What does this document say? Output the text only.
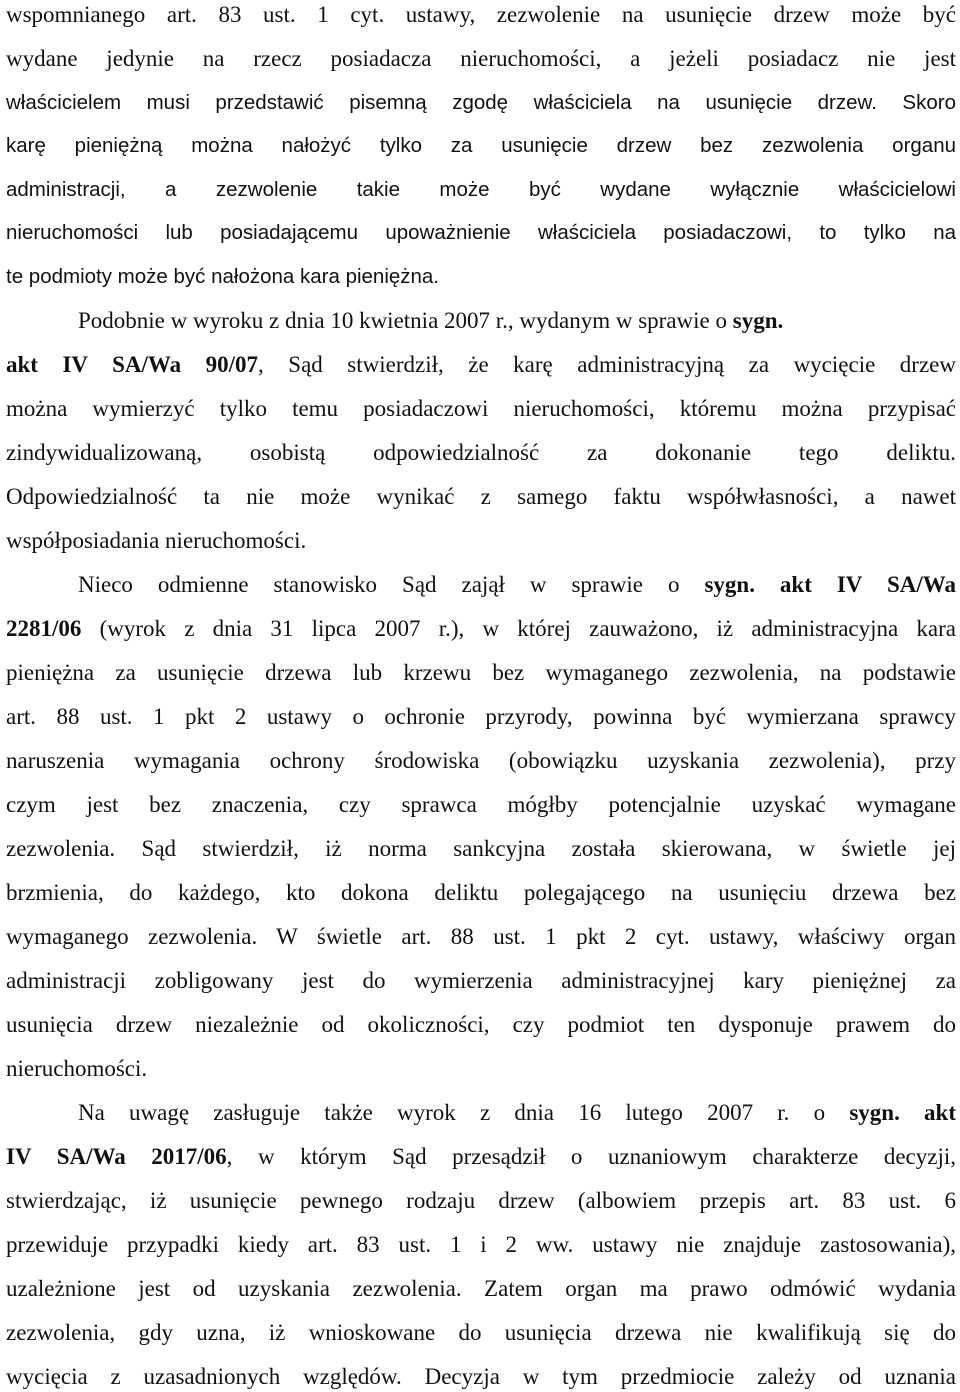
wspomnianego art. 83 ust. 1 cyt. ustawy, zezwolenie na usunięcie drzew może być
wydane jedynie na rzecz posiadacza nieruchomości, a jeżeli posiadacz nie jest
właścicielem musi przedstawić pisemną zgodę właściciela na usunięcie drzew. Skoro
karę pieniężną można nałożyć tylko za usunięcie drzew bez zezwolenia organu
administracji, a zezwolenie takie może być wydane wyłącznie właścicielowi
nieruchomości lub posiadającemu upoważnienie właściciela posiadaczowi, to tylko na
te podmioty może być nałożona kara pieniężna.
Podobnie w wyroku z dnia 10 kwietnia 2007 r., wydanym w sprawie o sygn.
akt IV SA/Wa 90/07, Sąd stwierdził, że karę administracyjną za wycięcie drzew
można wymierzyć tylko temu posiadaczowi nieruchomości, któremu można przypisać
zindywidualizowaną, osobistą odpowiedzialność za dokonanie tego deliktu.
Odpowiedzialność ta nie może wynikać z samego faktu współwłasności, a nawet
współposiadania nieruchomości.
Nieco odmienne stanowisko Sąd zajął w sprawie o sygn. akt IV SA/Wa
2281/06 (wyrok z dnia 31 lipca 2007 r.), w której zauważono, iż administracyjna kara
pieniężna za usunięcie drzewa lub krzewu bez wymaganego zezwolenia, na podstawie
art. 88 ust. 1 pkt 2 ustawy o ochronie przyrody, powinna być wymierzana sprawcy
naruszenia wymagania ochrony środowiska (obowiązku uzyskania zezwolenia), przy
czym jest bez znaczenia, czy sprawca mógłby potencjalnie uzyskać wymagane
zezwolenia. Sąd stwierdził, iż norma sankcyjna została skierowana, w świetle jej
brzmienia, do każdego, kto dokona deliktu polegającego na usunięciu drzewa bez
wymaganego zezwolenia. W świetle art. 88 ust. 1 pkt 2 cyt. ustawy, właściwy organ
administracji zobligowany jest do wymierzenia administracyjnej kary pieniężnej za
usunięcia drzew niezależnie od okoliczności, czy podmiot ten dysponuje prawem do
nieruchomości.
Na uwagę zasługuje także wyrok z dnia 16 lutego 2007 r. o sygn. akt
IV SA/Wa 2017/06, w którym Sąd przesądził o uznaniowym charakterze decyzji,
stwierdzając, iż usunięcie pewnego rodzaju drzew (albowiem przepis art. 83 ust. 6
przewiduje przypadki kiedy art. 83 ust. 1 i 2 ww. ustawy nie znajduje zastosowania),
uzależnione jest od uzyskania zezwolenia. Zatem organ ma prawo odmówić wydania
zezwolenia, gdy uzna, iż wnioskowane do usunięcia drzewa nie kwalifikują się do
wycięcia z uzasadnionych względów. Decyzja w tym przedmiocie zależy od uznania
